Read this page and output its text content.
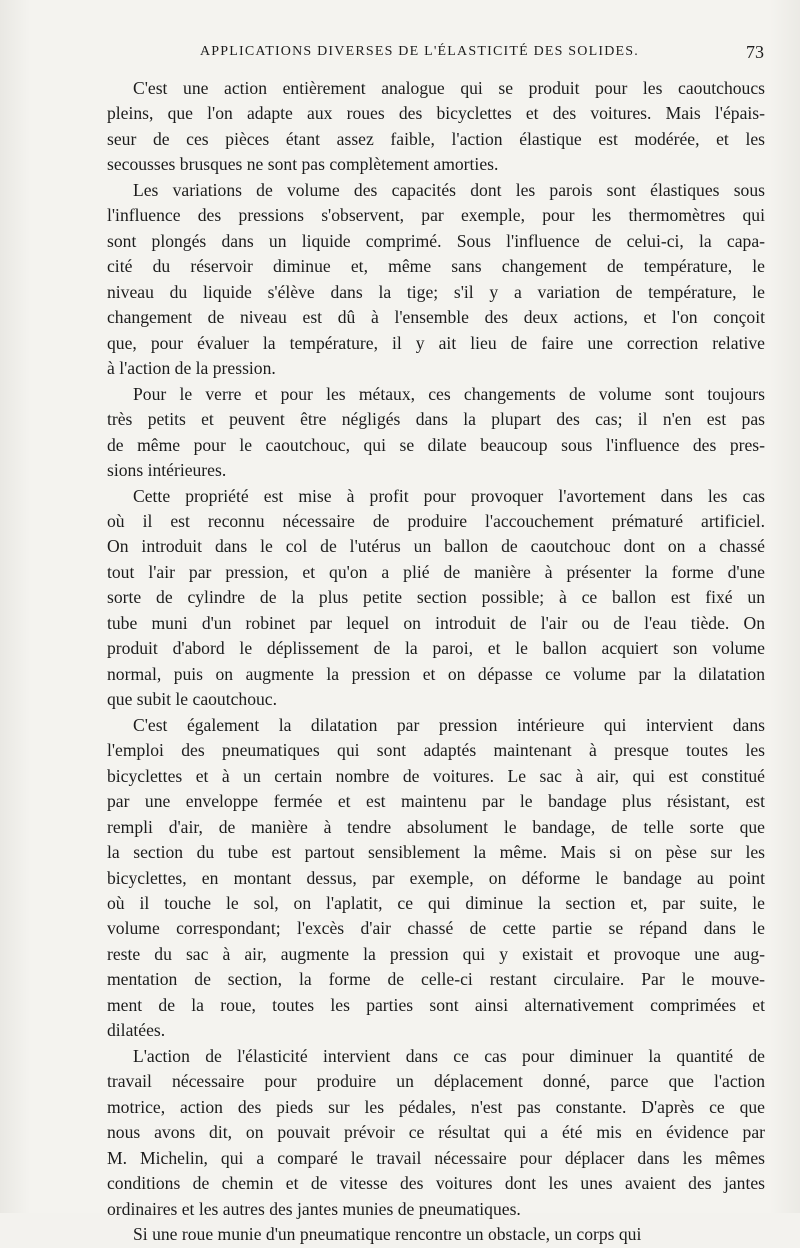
APPLICATIONS DIVERSES DE L'ÉLASTICITÉ DES SOLIDES.	73
C'est une action entièrement analogue qui se produit pour les caoutchoucs
pleins, que l'on adapte aux roues des bicyclettes et des voitures. Mais l'épais-
seur de ces pièces étant assez faible, l'action élastique est modérée, et les
secousses brusques ne sont pas complètement amorties.
Les variations de volume des capacités dont les parois sont élastiques sous
l'influence des pressions s'observent, par exemple, pour les thermomètres qui
sont plongés dans un liquide comprimé. Sous l'influence de celui-ci, la capa-
cité du réservoir diminue et, même sans changement de température, le
niveau du liquide s'élève dans la tige; s'il y a variation de température, le
changement de niveau est dû à l'ensemble des deux actions, et l'on conçoit
que, pour évaluer la température, il y ait lieu de faire une correction relative
à l'action de la pression.
Pour le verre et pour les métaux, ces changements de volume sont toujours
très petits et peuvent être négligés dans la plupart des cas; il n'en est pas
de même pour le caoutchouc, qui se dilate beaucoup sous l'influence des pres-
sions intérieures.
Cette propriété est mise à profit pour provoquer l'avortement dans les cas
où il est reconnu nécessaire de produire l'accouchement prématuré artificiel.
On introduit dans le col de l'utérus un ballon de caoutchouc dont on a chassé
tout l'air par pression, et qu'on a plié de manière à présenter la forme d'une
sorte de cylindre de la plus petite section possible; à ce ballon est fixé un
tube muni d'un robinet par lequel on introduit de l'air ou de l'eau tiède. On
produit d'abord le déplissement de la paroi, et le ballon acquiert son volume
normal, puis on augmente la pression et on dépasse ce volume par la dilatation
que subit le caoutchouc.
C'est également la dilatation par pression intérieure qui intervient dans
l'emploi des pneumatiques qui sont adaptés maintenant à presque toutes les
bicyclettes et à un certain nombre de voitures. Le sac à air, qui est constitué
par une enveloppe fermée et est maintenu par le bandage plus résistant, est
rempli d'air, de manière à tendre absolument le bandage, de telle sorte que
la section du tube est partout sensiblement la même. Mais si on pèse sur les
bicyclettes, en montant dessus, par exemple, on déforme le bandage au point
où il touche le sol, on l'aplatit, ce qui diminue la section et, par suite, le
volume correspondant; l'excès d'air chassé de cette partie se répand dans le
reste du sac à air, augmente la pression qui y existait et provoque une aug-
mentation de section, la forme de celle-ci restant circulaire. Par le mouve-
ment de la roue, toutes les parties sont ainsi alternativement comprimées et
dilatées.
L'action de l'élasticité intervient dans ce cas pour diminuer la quantité de
travail nécessaire pour produire un déplacement donné, parce que l'action
motrice, action des pieds sur les pédales, n'est pas constante. D'après ce que
nous avons dit, on pouvait prévoir ce résultat qui a été mis en évidence par
M. Michelin, qui a comparé le travail nécessaire pour déplacer dans les mêmes
conditions de chemin et de vitesse des voitures dont les unes avaient des jantes
ordinaires et les autres des jantes munies de pneumatiques.
Si une roue munie d'un pneumatique rencontre un obstacle, un corps qui
